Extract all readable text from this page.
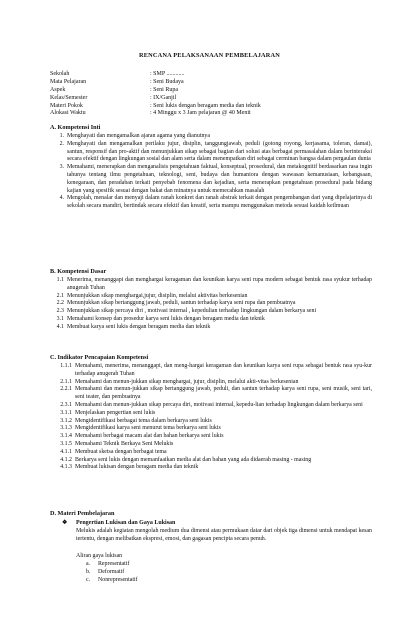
RENCANA PELAKSANAAN PEMBELAJARAN
Sekolah	: SMP ............
Mata Pelajaran	: Seni Budaya
Aspek	: Seni Rupa
Kelas/Semester	: IX/Ganjil
Materi Pokok	: Seni lukis dengan beragam media dan teknik
Alokasi Waktu	: 4 Minggu x 3 Jam pelajaran @ 40 Menit
A. Kompetensi Inti
1. Menghayati dan mengamalkan ajaran agama yang dianutnya
2. Menghayati dan mengamalkan perilaku jujur, disiplin, tanggungjawab, peduli (gotong royong, kerjasama, toleran, damai), santun, responsif dan pro-aktif dan menunjukkan sikap sebagai bagian dari solusi atas berbagai permasalahan dalam berinteraksi secara efektif dengan lingkungan sosial dan alam serta dalam menempatkan diri sebagai cerminan bangsa dalam pergaulan dunia
3. Memahami, menerapkan dan menganalisis pengetahuan faktual, konseptual, prosedural, dan metakognitif berdasarkan rasa ingin tahunya tentang ilmu pengetahuan, teknologi, seni, budaya dan humaniora dengan wawasan kemanusiaan, kebangsaan, kenegaraan, dan peradaban terkait penyebab fenomena dan kejadian, serta menerapkan pengetahuan prosedural pada bidang kajian yang spesifik sesuai dengan bakat dan minatnya untuk memecahkan masalah
4. Mengolah, menalar dan menyaji dalam ranah konkret dan ranah abstrak terkait dengan pengembangan dari yang dipelajarinya di sekolah secara mandiri, bertindak secara efektif dan kreatif, serta mampu menggunakan metoda sesuai kaidah keilmuan
B. Kompetensi Dasar
1.1 Menerima, menanggapi dan menghargai keragaman dan keunikan karya seni rupa modern sebagai bentuk rasa syukur terhadap anugerah Tuhan
2.1 Menunjukkan sikap menghargai,jujur, disiplin, melalui aktivitas berkesenian
2.2 Menunjukkan sikap bertanggung jawab, peduli, santun terhadap karya seni rupa dan pembuatnya
2.3 Menunjukkan sikap percaya diri , motivasi internal , kepedulian terhadap lingkungan dalam berkarya seni
3.1 Memahami konsep dan prosedur karya seni lukis dengan beragam media dan teknik
4.1 Membuat karya seni lukis dengan beragam media dan teknik
C. Indikator Pencapaian Kompetensi
1.1.1 Memahami, menerima, menanggapi, dan meng-hargai keragaman dan keunikan karya seni rupa sebagai bentuk rasa syu-kur terhadap anugerah Tuhan
2.1.1 Memahami dan menun-jukkan sikap menghargai, jujur, disiplin, melalui akti-vitas berkesenian
2.2.1 Memahami dan menun-jukkan sikap bertanggung jawab, peduli, dan santun terhadap karya seni rupa, seni musik, seni tari, seni teater, dan pembuatnya
2.3.1 Memahami dan menun-jukkan sikap percaya diri, motivasi internal, kepedu-lian terhadap lingkungan dalam berkarya seni
3.1.1 Menjelaskan pengertian seni lukis
3.1.2 Mengidentifikasi berbagai tema dalam berkarya seni lukis
3.1.3 Mengidentifikasi karya seni menurut tema berkarya seni lukis
3.1.4 Memahami berbagai macam alat dan bahan berkarya seni lukis
3.1.5 Memahami Teknik Berkaya Seni Melukis
4.1.1 Membuat sketsa dengan berbagai tema
4.1.2 Berkarya seni lukis dengan memanfaatkan media alat dan bahan yang ada didaerah masing - masing
4.1.3 Membuat lukisan dengan beragam media dan teknik
D. Materi Pembelajaran
❖	Pengertian Lukisan dan Gaya Lukisan
Melukis adalah kegiatan mengolah medium dua dimensi atau permukaan datar dari objek tiga dimensi untuk mendapat kesan tertentu, dengan melibatkan ekspresi, emosi, dan gagasan pencipta secara penuh.
Aliran gaya lukisan
a.	Representatif
b.	Deformatif
c.	Nonrepresentatif
